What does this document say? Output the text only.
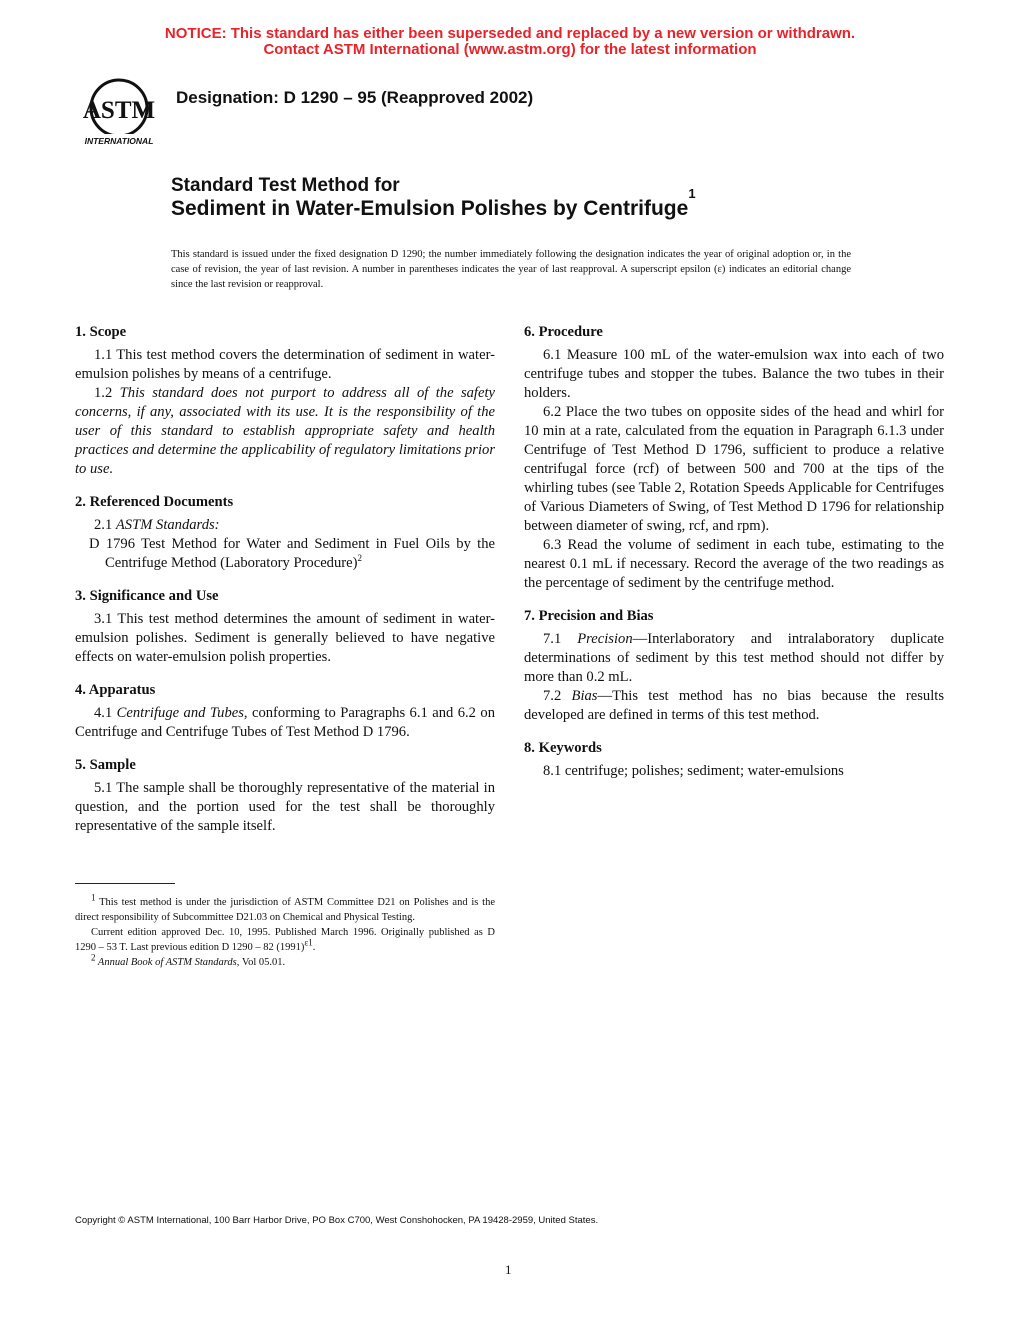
NOTICE: This standard has either been superseded and replaced by a new version or withdrawn.
Contact ASTM International (www.astm.org) for the latest information
ASTM
INTERNATIONAL
Designation: D 1290 – 95 (Reapproved 2002)
Standard Test Method for
Sediment in Water-Emulsion Polishes by Centrifuge$^1$
This standard is issued under the fixed designation D 1290; the number immediately following the designation indicates the year of original adoption or, in the case of revision, the year of last revision. A number in parentheses indicates the year of last reapproval. A superscript epsilon (ε) indicates an editorial change since the last revision or reapproval.
1. Scope

1.1 This test method covers the determination of sediment in water-emulsion polishes by means of a centrifuge.

1.2 This standard does not purport to address all of the safety concerns, if any, associated with its use. It is the responsibility of the user of this standard to establish appropriate safety and health practices and determine the applicability of regulatory limitations prior to use.

2. Referenced Documents

2.1 ASTM Standards:

D 1796 Test Method for Water and Sediment in Fuel Oils by the Centrifuge Method (Laboratory Procedure)$^2$

3. Significance and Use

3.1 This test method determines the amount of sediment in water-emulsion polishes. Sediment is generally believed to have negative effects on water-emulsion polish properties.

4. Apparatus

4.1 Centrifuge and Tubes, conforming to Paragraphs 6.1 and 6.2 on Centrifuge and Centrifuge Tubes of Test Method D 1796.

5. Sample

5.1 The sample shall be thoroughly representative of the material in question, and the portion used for the test shall be thoroughly representative of the sample itself.

6. Procedure

6.1 Measure 100 mL of the water-emulsion wax into each of two centrifuge tubes and stopper the tubes. Balance the two tubes in their holders.

6.2 Place the two tubes on opposite sides of the head and whirl for 10 min at a rate, calculated from the equation in Paragraph 6.1.3 under Centrifuge of Test Method D 1796, sufficient to produce a relative centrifugal force (rcf) of between 500 and 700 at the tips of the whirling tubes (see Table 2, Rotation Speeds Applicable for Centrifuges of Various Diameters of Swing, of Test Method D 1796 for relationship between diameter of swing, rcf, and rpm).

6.3 Read the volume of sediment in each tube, estimating to the nearest 0.1 mL if necessary. Record the average of the two readings as the percentage of sediment by the centrifuge method.

7. Precision and Bias

7.1 Precision—Interlaboratory and intralaboratory duplicate determinations of sediment by this test method should not differ by more than 0.2 mL.

7.2 Bias—This test method has no bias because the results developed are defined in terms of this test method.

8. Keywords

8.1 centrifuge; polishes; sediment; water-emulsions

$^1$ This test method is under the jurisdiction of ASTM Committee D21 on Polishes and is the direct responsibility of Subcommittee D21.03 on Chemical and Physical Testing.

Current edition approved Dec. 10, 1995. Published March 1996. Originally published as D 1290 – 53 T. Last previous edition D 1290 – 82 $(1991)^{\varepsilon 1}$.

$^2$ Annual Book of ASTM Standards, Vol 05.01.

Copyright © ASTM International, 100 Barr Harbor Drive, PO Box C700, West Conshohocken, PA 19428-2959, United States.
1
